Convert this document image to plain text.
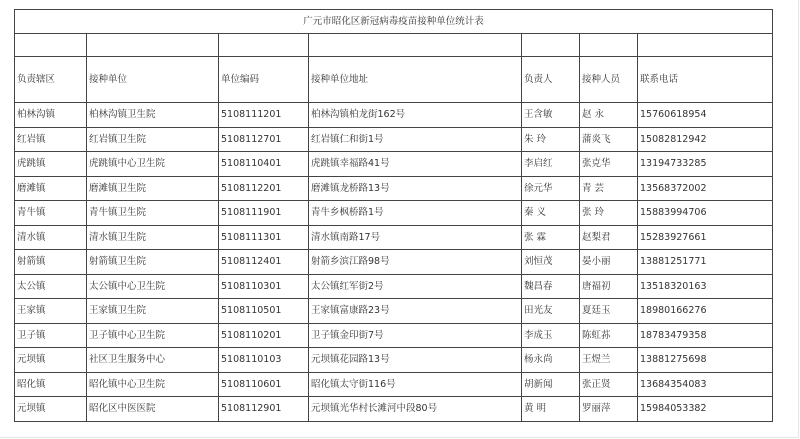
广元市昭化区新冠病毒疫苗接种单位统计表						

负责辖区	接种单位	单位编码	接种单位地址	负责人	接种人员	联系电话
柏林沟镇	柏林沟镇卫生院	5108111201	柏林沟镇柏龙街162号	王含敏	赵 永	15760618954
红岩镇	红岩镇卫生院	5108112701	红岩镇仁和街1号	朱 玲	蒲炎飞	15082812942
虎跳镇	虎跳镇中心卫生院	5108110401	虎跳镇幸福路41号	李启红	张克华	13194733285
磨滩镇	磨滩镇卫生院	5108112201	磨滩镇龙桥路13号	徐元华	青 芸	13568372002
青牛镇	青牛镇卫生院	5108111901	青牛乡枫桥路1号	秦 义	张 玲	15883994706
清水镇	清水镇卫生院	5108111301	清水镇南路17号	张 霖	赵梨君	15283927661
射箭镇	射箭镇卫生院	5108112401	射箭乡滨江路98号	刘恒茂	晏小丽	13881251771
太公镇	太公镇中心卫生院	5108110301	太公镇红军街2号	魏昌春	唐福初	13518320163
王家镇	王家镇卫生院	5108110501	王家镇富康路23号	田光友	夏廷玉	18980166276
卫子镇	卫子镇中心卫生院	5108110201	卫子镇金印街7号	李成玉	陈虹荪	18783479358
元坝镇	社区卫生服务中心	5108110103	元坝镇花园路13号	杨永尚	王煜兰	13881275698
昭化镇	昭化镇中心卫生院	5108110601	昭化镇太守街116号	胡新闻	张正贤	13684354083
元坝镇	昭化区中医医院	5108112901	元坝镇光华村长滩河中段80号	黄 明	罗丽萍	15984053382
